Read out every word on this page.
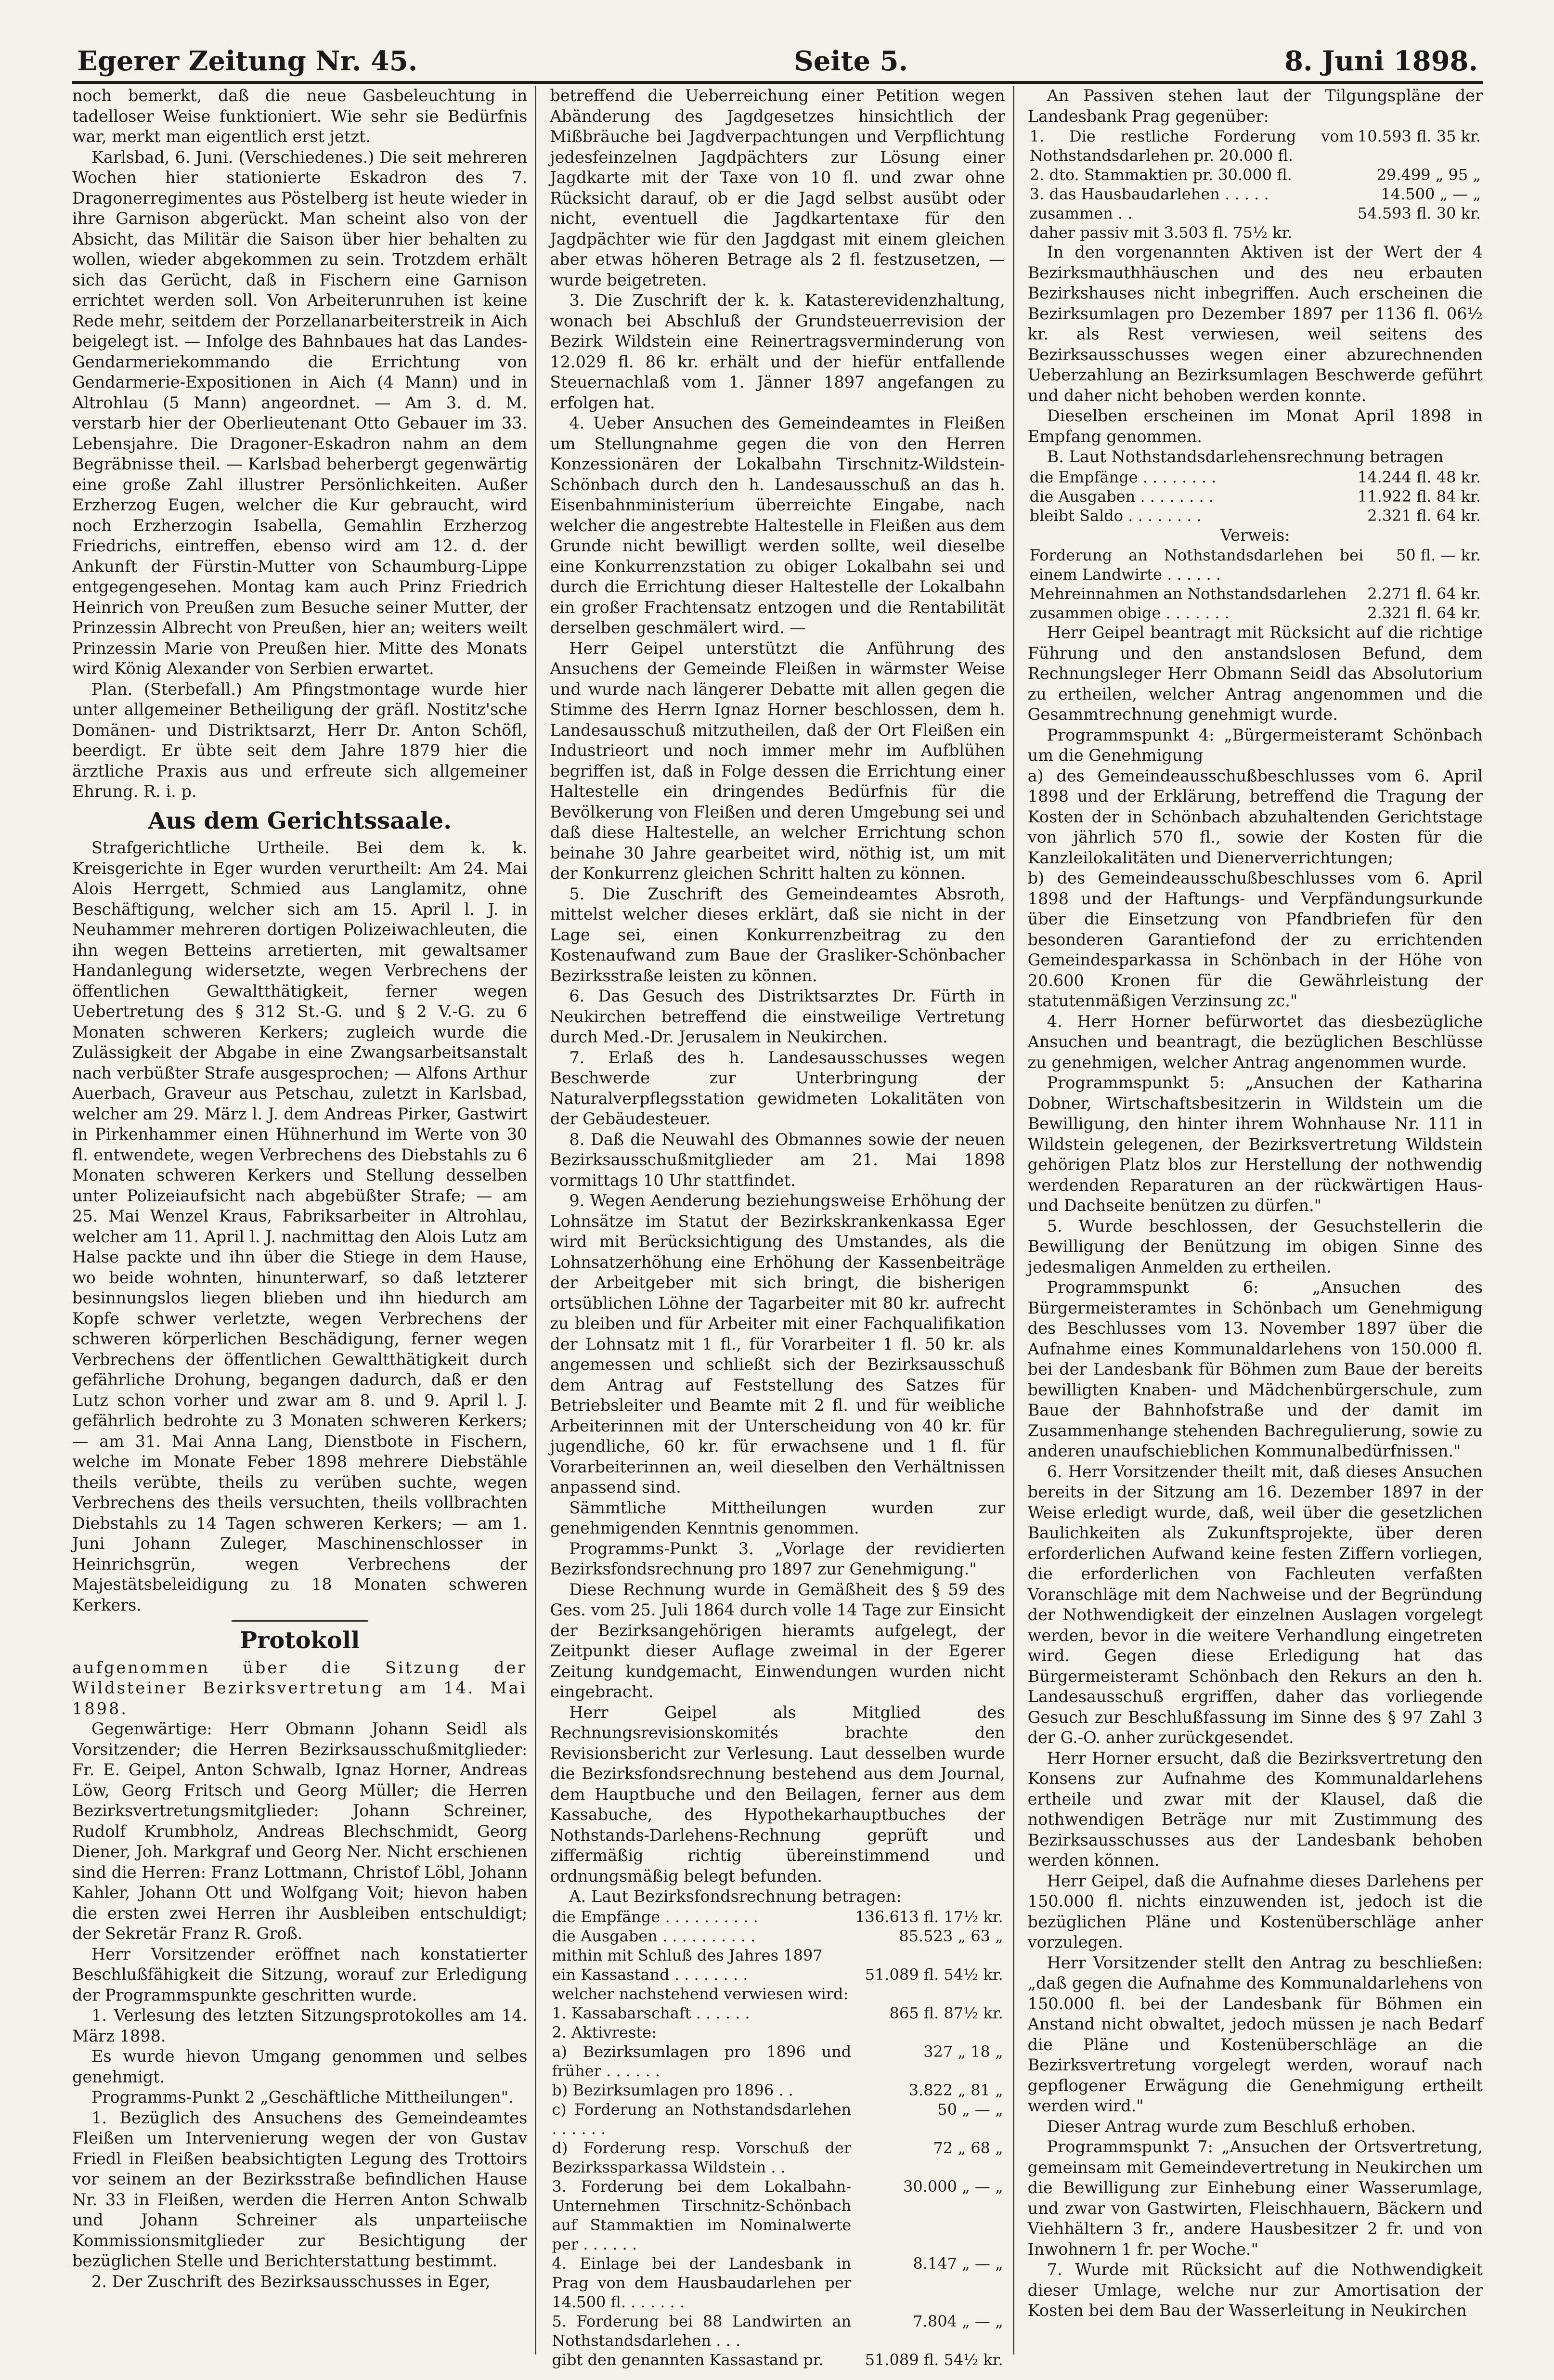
Egerer Zeitung Nr. 45.	Seite 5.	8. Juni 1898.

noch bemerkt, daß die neue Gasbeleuchtung in tadelloser Weise funktioniert. Wie sehr sie Bedürfnis war, merkt man eigentlich erst jetzt.

Karlsbad, 6. Juni. (Verschiedenes.) Die seit mehreren Wochen hier stationierte Eskadron des 7. Dragonerregimentes aus Pöstelberg ist heute wieder in ihre Garnison abgerückt. Man scheint also von der Absicht, das Militär die Saison über hier behalten zu wollen, wieder abgekommen zu sein. Trotzdem erhält sich das Gerücht, daß in Fischern eine Garnison errichtet werden soll. Von Arbeiterunruhen ist keine Rede mehr, seitdem der Porzellanarbeiterstreik in Aich beigelegt ist. — Infolge des Bahnbaues hat das Landes-Gendarmeriekommando die Errichtung von Gendarmerie-Expositionen in Aich (4 Mann) und in Altrohlau (5 Mann) angeordnet. — Am 3. d. M. verstarb hier der Oberlieutenant Otto Gebauer im 33. Lebensjahre. Die Dragoner-Eskadron nahm an dem Begräbnisse theil. — Karlsbad beherbergt gegenwärtig eine große Zahl illustrer Persönlichkeiten. Außer Erzherzog Eugen, welcher die Kur gebraucht, wird noch Erzherzogin Isabella, Gemahlin Erzherzog Friedrichs, eintreffen, ebenso wird am 12. d. der Ankunft der Fürstin-Mutter von Schaumburg-Lippe entgegengesehen. Montag kam auch Prinz Friedrich Heinrich von Preußen zum Besuche seiner Mutter, der Prinzessin Albrecht von Preußen, hier an; weiters weilt Prinzessin Marie von Preußen hier. Mitte des Monats wird König Alexander von Serbien erwartet.

Plan. (Sterbefall.) Am Pfingstmontage wurde hier unter allgemeiner Betheiligung der gräfl. Nostitz'sche Domänen- und Distriktsarzt, Herr Dr. Anton Schöfl, beerdigt. Er übte seit dem Jahre 1879 hier die ärztliche Praxis aus und erfreute sich allgemeiner Ehrung. R. i. p.

Aus dem Gerichtssaale.

Strafgerichtliche Urtheile. Bei dem k. k. Kreisgerichte in Eger wurden verurtheilt: Am 24. Mai Alois Herrgett, Schmied aus Langlamitz, ohne Beschäftigung, welcher sich am 15. April l. J. in Neuhammer mehreren dortigen Polizeiwachleuten, die ihn wegen Betteins arretierten, mit gewaltsamer Handanlegung widersetzte, wegen Verbrechens der öffentlichen Gewaltthätigkeit, ferner wegen Uebertretung des § 312 St.-G. und § 2 V.-G. zu 6 Monaten schweren Kerkers; zugleich wurde die Zulässigkeit der Abgabe in eine Zwangsarbeitsanstalt nach verbüßter Strafe ausgesprochen; — Alfons Arthur Auerbach, Graveur aus Petschau, zuletzt in Karlsbad, welcher am 29. März l. J. dem Andreas Pirker, Gastwirt in Pirkenhammer einen Hühnerhund im Werte von 30 fl. entwendete, wegen Verbrechens des Diebstahls zu 6 Monaten schweren Kerkers und Stellung desselben unter Polizeiaufsicht nach abgebüßter Strafe; — am 25. Mai Wenzel Kraus, Fabriksarbeiter in Altrohlau, welcher am 11. April l. J. nachmittag den Alois Lutz am Halse packte und ihn über die Stiege in dem Hause, wo beide wohnten, hinunterwarf, so daß letzterer besinnungslos liegen blieben und ihn hiedurch am Kopfe schwer verletzte, wegen Verbrechens der schweren körperlichen Beschädigung, ferner wegen Verbrechens der öffentlichen Gewaltthätigkeit durch gefährliche Drohung, begangen dadurch, daß er den Lutz schon vorher und zwar am 8. und 9. April l. J. gefährlich bedrohte zu 3 Monaten schweren Kerkers; — am 31. Mai Anna Lang, Dienstbote in Fischern, welche im Monate Feber 1898 mehrere Diebstähle theils verübte, theils zu verüben suchte, wegen Verbrechens des theils versuchten, theils vollbrachten Diebstahls zu 14 Tagen schweren Kerkers; — am 1. Juni Johann Zuleger, Maschinenschlosser in Heinrichsgrün, wegen Verbrechens der Majestätsbeleidigung zu 18 Monaten schweren Kerkers.

Protokoll

aufgenommen über die Sitzung der Wildsteiner Bezirksvertretung am 14. Mai 1898.

Gegenwärtige: Herr Obmann Johann Seidl als Vorsitzender; die Herren Bezirksausschußmitglieder: Fr. E. Geipel, Anton Schwalb, Ignaz Horner, Andreas Löw, Georg Fritsch und Georg Müller; die Herren Bezirksvertretungsmitglieder: Johann Schreiner, Rudolf Krumbholz, Andreas Blechschmidt, Georg Diener, Joh. Markgraf und Georg Ner. Nicht erschienen sind die Herren: Franz Lottmann, Christof Löbl, Johann Kahler, Johann Ott und Wolfgang Voit; hievon haben die ersten zwei Herren ihr Ausbleiben entschuldigt; der Sekretär Franz R. Groß.

Herr Vorsitzender eröffnet nach konstatierter Beschlußfähigkeit die Sitzung, worauf zur Erledigung der Programmspunkte geschritten wurde.

1. Verlesung des letzten Sitzungsprotokolles am 14. März 1898.

Es wurde hievon Umgang genommen und selbes genehmigt.

Programms-Punkt 2 „Geschäftliche Mittheilungen".

1. Bezüglich des Ansuchens des Gemeindeamtes Fleißen um Intervenierung wegen der von Gustav Friedl in Fleißen beabsichtigten Legung des Trottoirs vor seinem an der Bezirksstraße befindlichen Hause Nr. 33 in Fleißen, werden die Herren Anton Schwalb und Johann Schreiner als unparteiische Kommissionsmitglieder zur Besichtigung der bezüglichen Stelle und Berichterstattung bestimmt.

2. Der Zuschrift des Bezirksausschusses in Eger,

betreffend die Ueberreichung einer Petition wegen Abänderung des Jagdgesetzes hinsichtlich der Mißbräuche bei Jagdverpachtungen und Verpflichtung jedesfeinzelnen Jagdpächters zur Lösung einer Jagdkarte mit der Taxe von 10 fl. und zwar ohne Rücksicht darauf, ob er die Jagd selbst ausübt oder nicht, eventuell die Jagdkartentaxe für den Jagdpächter wie für den Jagdgast mit einem gleichen aber etwas höheren Betrage als 2 fl. festzusetzen, — wurde beigetreten.

3. Die Zuschrift der k. k. Katasterevidenzhaltung, wonach bei Abschluß der Grundsteuerrevision der Bezirk Wildstein eine Reinertragsverminderung von 12.029 fl. 86 kr. erhält und der hiefür entfallende Steuernachlaß vom 1. Jänner 1897 angefangen zu erfolgen hat.

4. Ueber Ansuchen des Gemeindeamtes in Fleißen um Stellungnahme gegen die von den Herren Konzessionären der Lokalbahn Tirschnitz-Wildstein-Schönbach durch den h. Landesausschuß an das h. Eisenbahnministerium überreichte Eingabe, nach welcher die angestrebte Haltestelle in Fleißen aus dem Grunde nicht bewilligt werden sollte, weil dieselbe eine Konkurrenzstation zu obiger Lokalbahn sei und durch die Errichtung dieser Haltestelle der Lokalbahn ein großer Frachtensatz entzogen und die Rentabilität derselben geschmälert wird. —

Herr Geipel unterstützt die Anführung des Ansuchens der Gemeinde Fleißen in wärmster Weise und wurde nach längerer Debatte mit allen gegen die Stimme des Herrn Ignaz Horner beschlossen, dem h. Landesausschuß mitzutheilen, daß der Ort Fleißen ein Industrieort und noch immer mehr im Aufblühen begriffen ist, daß in Folge dessen die Errichtung einer Haltestelle ein dringendes Bedürfnis für die Bevölkerung von Fleißen und deren Umgebung sei und daß diese Haltestelle, an welcher Errichtung schon beinahe 30 Jahre gearbeitet wird, nöthig ist, um mit der Konkurrenz gleichen Schritt halten zu können.

5. Die Zuschrift des Gemeindeamtes Absroth, mittelst welcher dieses erklärt, daß sie nicht in der Lage sei, einen Konkurrenzbeitrag zu den Kostenaufwand zum Baue der Grasliker-Schönbacher Bezirksstraße leisten zu können.

6. Das Gesuch des Distriktsarztes Dr. Fürth in Neukirchen betreffend die einstweilige Vertretung durch Med.-Dr. Jerusalem in Neukirchen.

7. Erlaß des h. Landesausschusses wegen Beschwerde zur Unterbringung der Naturalverpflegsstation gewidmeten Lokalitäten von der Gebäudesteuer.

8. Daß die Neuwahl des Obmannes sowie der neuen Bezirksausschußmitglieder am 21. Mai 1898 vormittags 10 Uhr stattfindet.

9. Wegen Aenderung beziehungsweise Erhöhung der Lohnsätze im Statut der Bezirkskrankenkassa Eger wird mit Berücksichtigung des Umstandes, als die Lohnsatzerhöhung eine Erhöhung der Kassenbeiträge der Arbeitgeber mit sich bringt, die bisherigen ortsüblichen Löhne der Tagarbeiter mit 80 kr. aufrecht zu bleiben und für Arbeiter mit einer Fachqualifikation der Lohnsatz mit 1 fl., für Vorarbeiter 1 fl. 50 kr. als angemessen und schließt sich der Bezirksausschuß dem Antrag auf Feststellung des Satzes für Betriebsleiter und Beamte mit 2 fl. und für weibliche Arbeiterinnen mit der Unterscheidung von 40 kr. für jugendliche, 60 kr. für erwachsene und 1 fl. für Vorarbeiterinnen an, weil dieselben den Verhältnissen anpassend sind.

Sämmtliche Mittheilungen wurden zur genehmigenden Kenntnis genommen.

Programms-Punkt 3. „Vorlage der revidierten Bezirksfondsrechnung pro 1897 zur Genehmigung."

Diese Rechnung wurde in Gemäßheit des § 59 des Ges. vom 25. Juli 1864 durch volle 14 Tage zur Einsicht der Bezirksangehörigen hieramts aufgelegt, der Zeitpunkt dieser Auflage zweimal in der Egerer Zeitung kundgemacht, Einwendungen wurden nicht eingebracht.

Herr Geipel als Mitglied des Rechnungsrevisionskomités brachte den Revisionsbericht zur Verlesung. Laut desselben wurde die Bezirksfondsrechnung bestehend aus dem Journal, dem Hauptbuche und den Beilagen, ferner aus dem Kassabuche, des Hypothekarhauptbuches der Nothstands-Darlehens-Rechnung geprüft und ziffermäßig richtig übereinstimmend und ordnungsmäßig belegt befunden.

A. Laut Bezirksfondsrechnung betragen:

die Empfänge . . . . . . . . . .	136.613 fl. 17½ kr.
die Ausgaben . . . . . . . . . .	85.523 „ 63 „
mithin mit Schluß des Jahres 1897	
ein Kassastand . . . . . . . .	51.089 fl. 54½ kr.
welcher nachstehend verwiesen wird:	
1. Kassabarschaft . . . . . .	865 fl. 87½ kr.
2. Aktivreste:	
a) Bezirksumlagen pro 1896 und früher . . . . . .	327 „ 18 „
b) Bezirksumlagen pro 1896 . .	3.822 „ 81 „
c) Forderung an Nothstandsdarlehen . . . . . .	50 „ — „
d) Forderung resp. Vorschuß der Bezirkssparkassa Wildstein . .	72 „ 68 „
3. Forderung bei dem Lokalbahn-Unternehmen Tirschnitz-Schönbach auf Stammaktien im Nominalwerte per . . . . . .	30.000 „ — „
4. Einlage bei der Landesbank in Prag von dem Hausbaudarlehen per 14.500 fl. . . . . . .	8.147 „ — „
5. Forderung bei 88 Landwirten an Nothstandsdarlehen . . .	7.804 „ — „
gibt den genannten Kassastand pr.	51.089 fl. 54½ kr.

An Passiven stehen laut der Tilgungspläne der Landesbank Prag gegenüber:

1. Die restliche Forderung vom Nothstandsdarlehen pr. 20.000 fl.	10.593 fl. 35 kr.
2. dto. Stammaktien pr. 30.000 fl.	29.499 „ 95 „
3. das Hausbaudarlehen . . . . .	14.500 „ — „
zusammen . .	54.593 fl. 30 kr.
daher passiv mit 3.503 fl. 75½ kr.	

In den vorgenannten Aktiven ist der Wert der 4 Bezirksmauthhäuschen und des neu erbauten Bezirkshauses nicht inbegriffen. Auch erscheinen die Bezirksumlagen pro Dezember 1897 per 1136 fl. 06½ kr. als Rest verwiesen, weil seitens des Bezirksausschusses wegen einer abzurechnenden Ueberzahlung an Bezirksumlagen Beschwerde geführt und daher nicht behoben werden konnte.

Dieselben erscheinen im Monat April 1898 in Empfang genommen.

B. Laut Nothstandsdarlehensrechnung betragen

die Empfänge . . . . . . . .	14.244 fl. 48 kr.
die Ausgaben . . . . . . . .	11.922 fl. 84 kr.
bleibt Saldo . . . . . . . .	2.321 fl. 64 kr.

Verweis:

Forderung an Nothstandsdarlehen bei einem Landwirte . . . . . .	50 fl. — kr.
Mehreinnahmen an Nothstandsdarlehen	2.271 fl. 64 kr.
zusammen obige . . . . . . .	2.321 fl. 64 kr.

Herr Geipel beantragt mit Rücksicht auf die richtige Führung und den anstandslosen Befund, dem Rechnungsleger Herr Obmann Seidl das Absolutorium zu ertheilen, welcher Antrag angenommen und die Gesammtrechnung genehmigt wurde.

Programmspunkt 4: „Bürgermeisteramt Schönbach um die Genehmigung

a) des Gemeindeausschußbeschlusses vom 6. April 1898 und der Erklärung, betreffend die Tragung der Kosten der in Schönbach abzuhaltenden Gerichtstage von jährlich 570 fl., sowie der Kosten für die Kanzleilokalitäten und Dienerverrichtungen;

b) des Gemeindeausschußbeschlusses vom 6. April 1898 und der Haftungs- und Verpfändungsurkunde über die Einsetzung von Pfandbriefen für den besonderen Garantiefond der zu errichtenden Gemeindesparkassa in Schönbach in der Höhe von 20.600 Kronen für die Gewährleistung der statutenmäßigen Verzinsung zc."

4. Herr Horner befürwortet das diesbezügliche Ansuchen und beantragt, die bezüglichen Beschlüsse zu genehmigen, welcher Antrag angenommen wurde.

Programmspunkt 5: „Ansuchen der Katharina Dobner, Wirtschaftsbesitzerin in Wildstein um die Bewilligung, den hinter ihrem Wohnhause Nr. 111 in Wildstein gelegenen, der Bezirksvertretung Wildstein gehörigen Platz blos zur Herstellung der nothwendig werdenden Reparaturen an der rückwärtigen Haus- und Dachseite benützen zu dürfen."

5. Wurde beschlossen, der Gesuchstellerin die Bewilligung der Benützung im obigen Sinne des jedesmaligen Anmelden zu ertheilen.

Programmspunkt 6: „Ansuchen des Bürgermeisteramtes in Schönbach um Genehmigung des Beschlusses vom 13. November 1897 über die Aufnahme eines Kommunaldarlehens von 150.000 fl. bei der Landesbank für Böhmen zum Baue der bereits bewilligten Knaben- und Mädchenbürgerschule, zum Baue der Bahnhofstraße und der damit im Zusammenhange stehenden Bachregulierung, sowie zu anderen unaufschieblichen Kommunalbedürfnissen."

6. Herr Vorsitzender theilt mit, daß dieses Ansuchen bereits in der Sitzung am 16. Dezember 1897 in der Weise erledigt wurde, daß, weil über die gesetzlichen Baulichkeiten als Zukunftsprojekte, über deren erforderlichen Aufwand keine festen Ziffern vorliegen, die erforderlichen von Fachleuten verfaßten Voranschläge mit dem Nachweise und der Begründung der Nothwendigkeit der einzelnen Auslagen vorgelegt werden, bevor in die weitere Verhandlung eingetreten wird. Gegen diese Erledigung hat das Bürgermeisteramt Schönbach den Rekurs an den h. Landesausschuß ergriffen, daher das vorliegende Gesuch zur Beschlußfassung im Sinne des § 97 Zahl 3 der G.-O. anher zurückgesendet.

Herr Horner ersucht, daß die Bezirksvertretung den Konsens zur Aufnahme des Kommunaldarlehens ertheile und zwar mit der Klausel, daß die nothwendigen Beträge nur mit Zustimmung des Bezirksausschusses aus der Landesbank behoben werden können.

Herr Geipel, daß die Aufnahme dieses Darlehens per 150.000 fl. nichts einzuwenden ist, jedoch ist die bezüglichen Pläne und Kostenüberschläge anher vorzulegen.

Herr Vorsitzender stellt den Antrag zu beschließen: „daß gegen die Aufnahme des Kommunaldarlehens von 150.000 fl. bei der Landesbank für Böhmen ein Anstand nicht obwaltet, jedoch müssen je nach Bedarf die Pläne und Kostenüberschläge an die Bezirksvertretung vorgelegt werden, worauf nach gepflogener Erwägung die Genehmigung ertheilt werden wird."

Dieser Antrag wurde zum Beschluß erhoben.

Programmspunkt 7: „Ansuchen der Ortsvertretung, gemeinsam mit Gemeindevertretung in Neukirchen um die Bewilligung zur Einhebung einer Wasserumlage, und zwar von Gastwirten, Fleischhauern, Bäckern und Viehhältern 3 fr., andere Hausbesitzer 2 fr. und von Inwohnern 1 fr. per Woche."

7. Wurde mit Rücksicht auf die Nothwendigkeit dieser Umlage, welche nur zur Amortisation der Kosten bei dem Bau der Wasserleitung in Neukirchen
